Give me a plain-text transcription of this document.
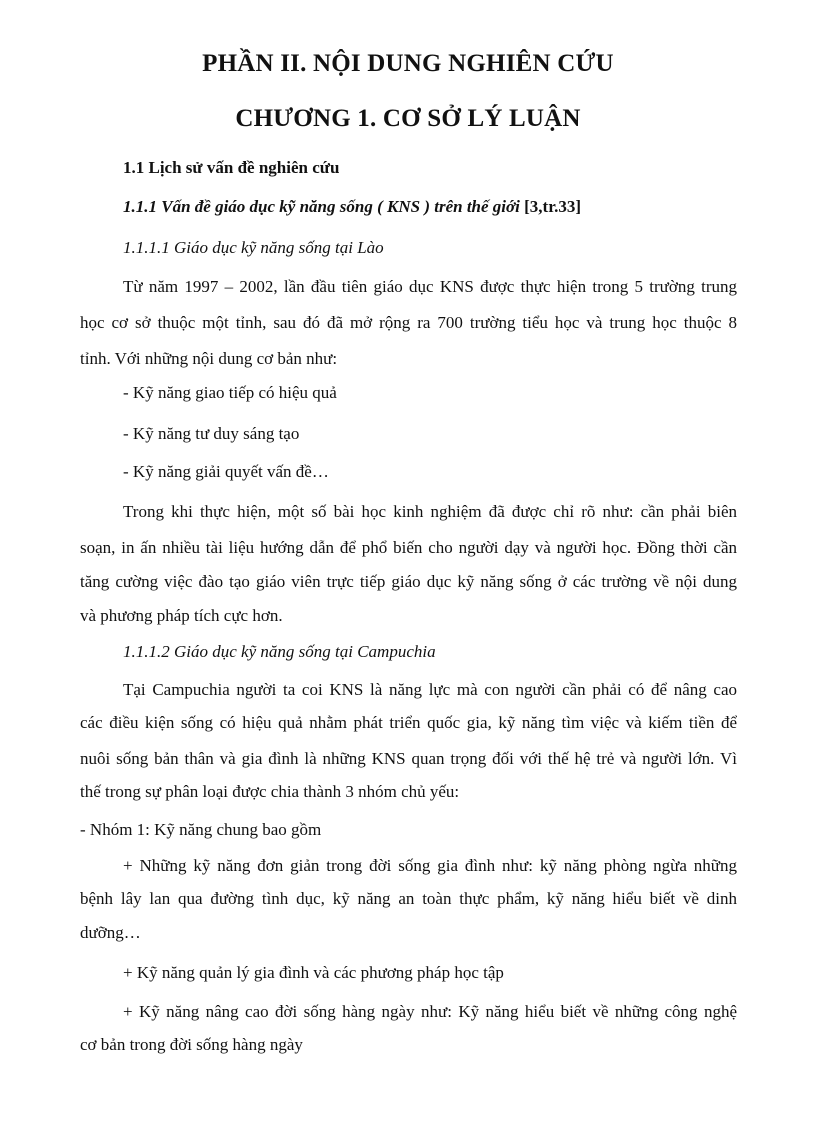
PHẦN II. NỘI DUNG NGHIÊN CỨU
CHƯƠNG 1. CƠ SỞ LÝ LUẬN
1.1 Lịch sử vấn đề nghiên cứu
1.1.1 Vấn đề giáo dục kỹ năng sống ( KNS ) trên thế giới [3,tr.33]
1.1.1.1 Giáo dục kỹ năng sống tại Lào
Từ năm 1997 – 2002, lần đầu tiên giáo dục KNS được thực hiện trong 5 trường trung
học cơ sở thuộc một tỉnh, sau đó đã mở rộng ra 700 trường tiểu học và trung học thuộc 8
tỉnh. Với những nội dung cơ bản như:
- Kỹ năng giao tiếp có hiệu quả
- Kỹ năng tư duy sáng tạo
- Kỹ năng giải quyết vấn đề…
Trong khi thực hiện, một số bài học kinh nghiệm đã được chỉ rõ như: cần phải biên
soạn, in ấn nhiều tài liệu hướng dẫn để phổ biến cho người dạy và người học. Đồng thời cần
tăng cường việc đào tạo giáo viên trực tiếp giáo dục kỹ năng sống ở các trường về nội dung
và phương pháp tích cực hơn.
1.1.1.2 Giáo dục kỹ năng sống tại Campuchia
Tại Campuchia người ta coi KNS là năng lực mà con người cần phải có để nâng cao
các điều kiện sống có hiệu quả nhằm phát triển quốc gia, kỹ năng tìm việc và kiếm tiền để
nuôi sống bản thân và gia đình là những KNS quan trọng đối với thế hệ trẻ và người lớn. Vì
thế trong sự phân loại được chia thành 3 nhóm chủ yếu:
- Nhóm 1: Kỹ năng chung bao gồm
+ Những kỹ năng đơn giản trong đời sống gia đình như: kỹ năng phòng ngừa những
bệnh lây lan qua đường tình dục, kỹ năng an toàn thực phẩm, kỹ năng hiểu biết về dinh
dưỡng…
+ Kỹ năng quản lý gia đình và các phương pháp học tập
+ Kỹ năng nâng cao đời sống hàng ngày như: Kỹ năng hiểu biết về những công nghệ
cơ bản trong đời sống hàng ngày
